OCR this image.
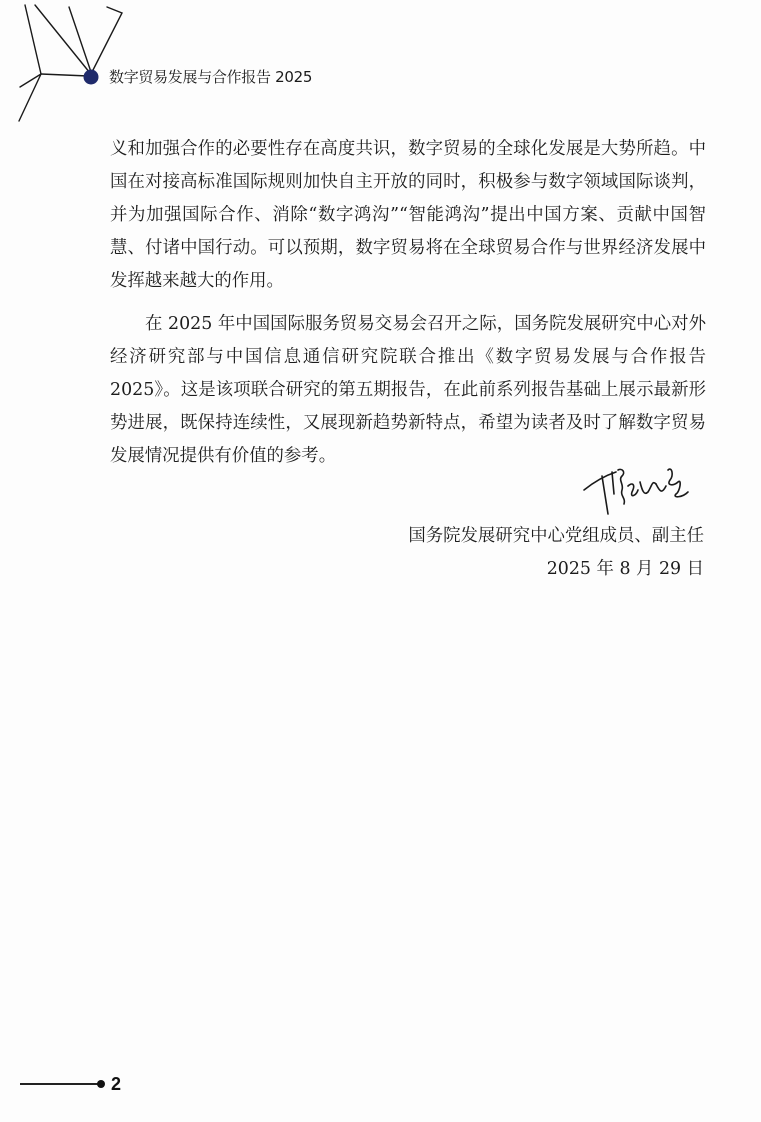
数字贸易发展与合作报告 2025

义和加强合作的必要性存在高度共识，数字贸易的全球化发展是大势所趋。中国在对接高标准国际规则加快自主开放的同时，积极参与数字领域国际谈判，并为加强国际合作、消除“数字鸿沟”“智能鸿沟”提出中国方案、贡献中国智慧、付诸中国行动。可以预期，数字贸易将在全球贸易合作与世界经济发展中发挥越来越大的作用。

在 2025 年中国国际服务贸易交易会召开之际，国务院发展研究中心对外经济研究部与中国信息通信研究院联合推出《数字贸易发展与合作报告 2025》。这是该项联合研究的第五期报告，在此前系列报告基础上展示最新形势进展，既保持连续性，又展现新趋势新特点，希望为读者及时了解数字贸易发展情况提供有价值的参考。

国务院发展研究中心党组成员、副主任
2025 年 8 月 29 日
2
